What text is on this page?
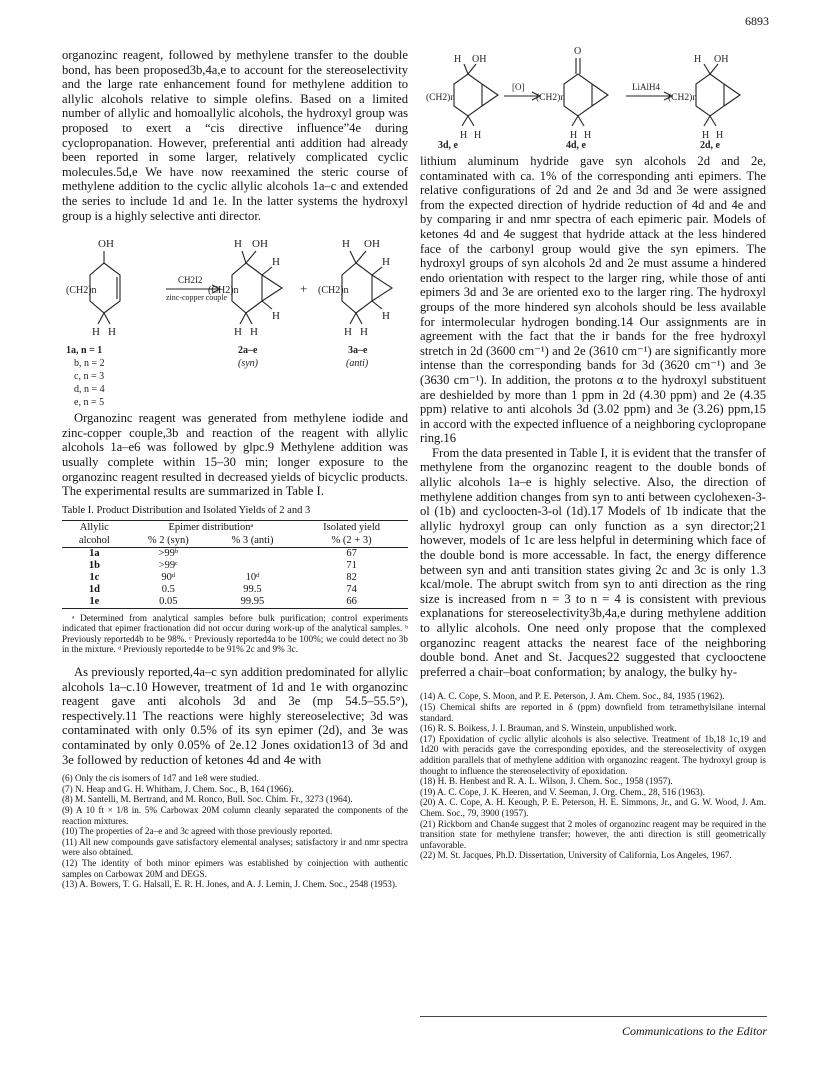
6893

organozinc reagent, followed by methylene transfer to the double bond, has been proposed3b,4a,e to account for the stereoselectivity and the large rate enhancement found for methylene addition to allylic alcohols relative to simple olefins. Based on a limited number of allylic and homoallylic alcohols, the hydroxyl group was proposed to exert a “cis directive influence”4e during cyclopropanation. However, preferential anti addition had already been reported in some larger, relatively complicated cyclic molecules.5d,e We have now reexamined the steric course of methylene addition to the cyclic allylic alcohols 1a–c and extended the series to include 1d and 1e. In the latter systems the hydroxyl group is a highly selective anti director.

OH
(CH2)n
H H
CH2I2
zinc-copper couple
H OH
(CH2)n
H
H
H H
+
H OH
(CH2)n
H
H
H H
1a, n = 1
b, n = 2
c, n = 3
d, n = 4
e, n = 5
2a–e
(syn)
3a–e
(anti)

Organozinc reagent was generated from methylene iodide and zinc-copper couple,3b and reaction of the reagent with allylic alcohols 1a–e6 was followed by glpc.9 Methylene addition was usually complete within 15–30 min; longer exposure to the organozinc reagent resulted in decreased yields of bicyclic products. The experimental results are summarized in Table I.

Table I. Product Distribution and Isolated Yields of 2 and 3
Allylic	Epimer distributionᵃ		Isolated yield
alcohol	% 2 (syn)	% 3 (anti)	% (2 + 3)
1a	>99ᵇ		67
1b	>99ᶜ		71
1c	90ᵈ	10ᵈ	82
1d	0.5	99.5	74
1e	0.05	99.95	66
ᵃ Determined from analytical samples before bulk purification; control experiments indicated that epimer fractionation did not occur during work-up of the analytical samples. ᵇ Previously reported4b to be 98%. ᶜ Previously reported4a to be 100%; we could detect no 3b in the mixture. ᵈ Previously reported4e to be 91% 2c and 9% 3c.

As previously reported,4a–c syn addition predominated for allylic alcohols 1a–c.10 However, treatment of 1d and 1e with organozinc reagent gave anti alcohols 3d and 3e (mp 54.5–55.5°), respectively.11 The reactions were highly stereoselective; 3d was contaminated with only 0.5% of its syn epimer (2d), and 3e was contaminated by only 0.05% of 2e.12 Jones oxidation13 of 3d and 3e followed by reduction of ketones 4d and 4e with

(6) Only the cis isomers of 1d7 and 1e8 were studied.

(7) N. Heap and G. H. Whitham, J. Chem. Soc., B, 164 (1966).

(8) M. Santelli, M. Bertrand, and M. Ronco, Bull. Soc. Chim. Fr., 3273 (1964).

(9) A 10 ft × 1/8 in. 5% Carbowax 20M column cleanly separated the components of the reaction mixtures.

(10) The properties of 2a–e and 3c agreed with those previously reported.

(11) All new compounds gave satisfactory elemental analyses; satisfactory ir and nmr spectra were also obtained.

(12) The identity of both minor epimers was established by coinjection with authentic samples on Carbowax 20M and DEGS.

(13) A. Bowers, T. G. Halsall, E. R. H. Jones, and A. J. Lemin, J. Chem. Soc., 2548 (1953).

H OH
(CH2)n
H H
3d, e
[O]
O
(CH2)n
H H
4d, e
LiAlH4
H OH
(CH2)n
H H
2d, e

lithium aluminum hydride gave syn alcohols 2d and 2e, contaminated with ca. 1% of the corresponding anti epimers. The relative configurations of 2d and 2e and 3d and 3e were assigned from the expected direction of hydride reduction of 4d and 4e and by comparing ir and nmr spectra of each epimeric pair. Models of ketones 4d and 4e suggest that hydride attack at the less hindered face of the carbonyl group would give the syn epimers. The hydroxyl groups of syn alcohols 2d and 2e must assume a hindered endo orientation with respect to the larger ring, while those of anti epimers 3d and 3e are oriented exo to the larger ring. The hydroxyl groups of the more hindered syn alcohols should be less available for intermolecular hydrogen bonding.14 Our assignments are in agreement with the fact that the ir bands for the free hydroxyl stretch in 2d (3600 cm⁻¹) and 2e (3610 cm⁻¹) are significantly more intense than the corresponding bands for 3d (3620 cm⁻¹) and 3e (3630 cm⁻¹). In addition, the protons α to the hydroxyl substituent are deshielded by more than 1 ppm in 2d (4.30 ppm) and 2e (4.35 ppm) relative to anti alcohols 3d (3.02 ppm) and 3e (3.26) ppm,15 in accord with the expected influence of a neighboring cyclopropane ring.16

From the data presented in Table I, it is evident that the transfer of methylene from the organozinc reagent to the double bonds of allylic alcohols 1a–e is highly selective. Also, the direction of methylene addition changes from syn to anti between cyclohexen-3-ol (1b) and cycloocten-3-ol (1d).17 Models of 1b indicate that the allylic hydroxyl group can only function as a syn director;21 however, models of 1c are less helpful in determining which face of the double bond is more accessable. In fact, the energy difference between syn and anti transition states giving 2c and 3c is only 1.3 kcal/mole. The abrupt switch from syn to anti direction as the ring size is increased from n = 3 to n = 4 is consistent with previous explanations for stereoselectivity3b,4a,e during methylene addition to allylic alcohols. One need only propose that the complexed organozinc reagent attacks the nearest face of the neighboring double bond. Anet and St. Jacques22 suggested that cyclooctene preferred a chair–boat conformation; by analogy, the bulky hy-

(14) A. C. Cope, S. Moon, and P. E. Peterson, J. Am. Chem. Soc., 84, 1935 (1962).

(15) Chemical shifts are reported in δ (ppm) downfield from tetramethylsilane internal standard.

(16) R. S. Boikess, J. I. Brauman, and S. Winstein, unpublished work.

(17) Epoxidation of cyclic allylic alcohols is also selective. Treatment of 1b,18 1c,19 and 1d20 with peracids gave the corresponding epoxides, and the stereoselectivity of oxygen addition parallels that of methylene addition with organozinc reagent. The hydroxyl group is thought to influence the stereoselectivity of epoxidation.

(18) H. B. Henbest and R. A. L. Wilson, J. Chem. Soc., 1958 (1957).

(19) A. C. Cope, J. K. Heeren, and V. Seeman, J. Org. Chem., 28, 516 (1963).

(20) A. C. Cope, A. H. Keough, P. E. Peterson, H. E. Simmons, Jr., and G. W. Wood, J. Am. Chem. Soc., 79, 3900 (1957).

(21) Rickborn and Chan4e suggest that 2 moles of organozinc reagent may be required in the transition state for methylene transfer; however, the anti direction is still geometrically unfavorable.

(22) M. St. Jacques, Ph.D. Dissertation, University of California, Los Angeles, 1967.

Communications to the Editor
